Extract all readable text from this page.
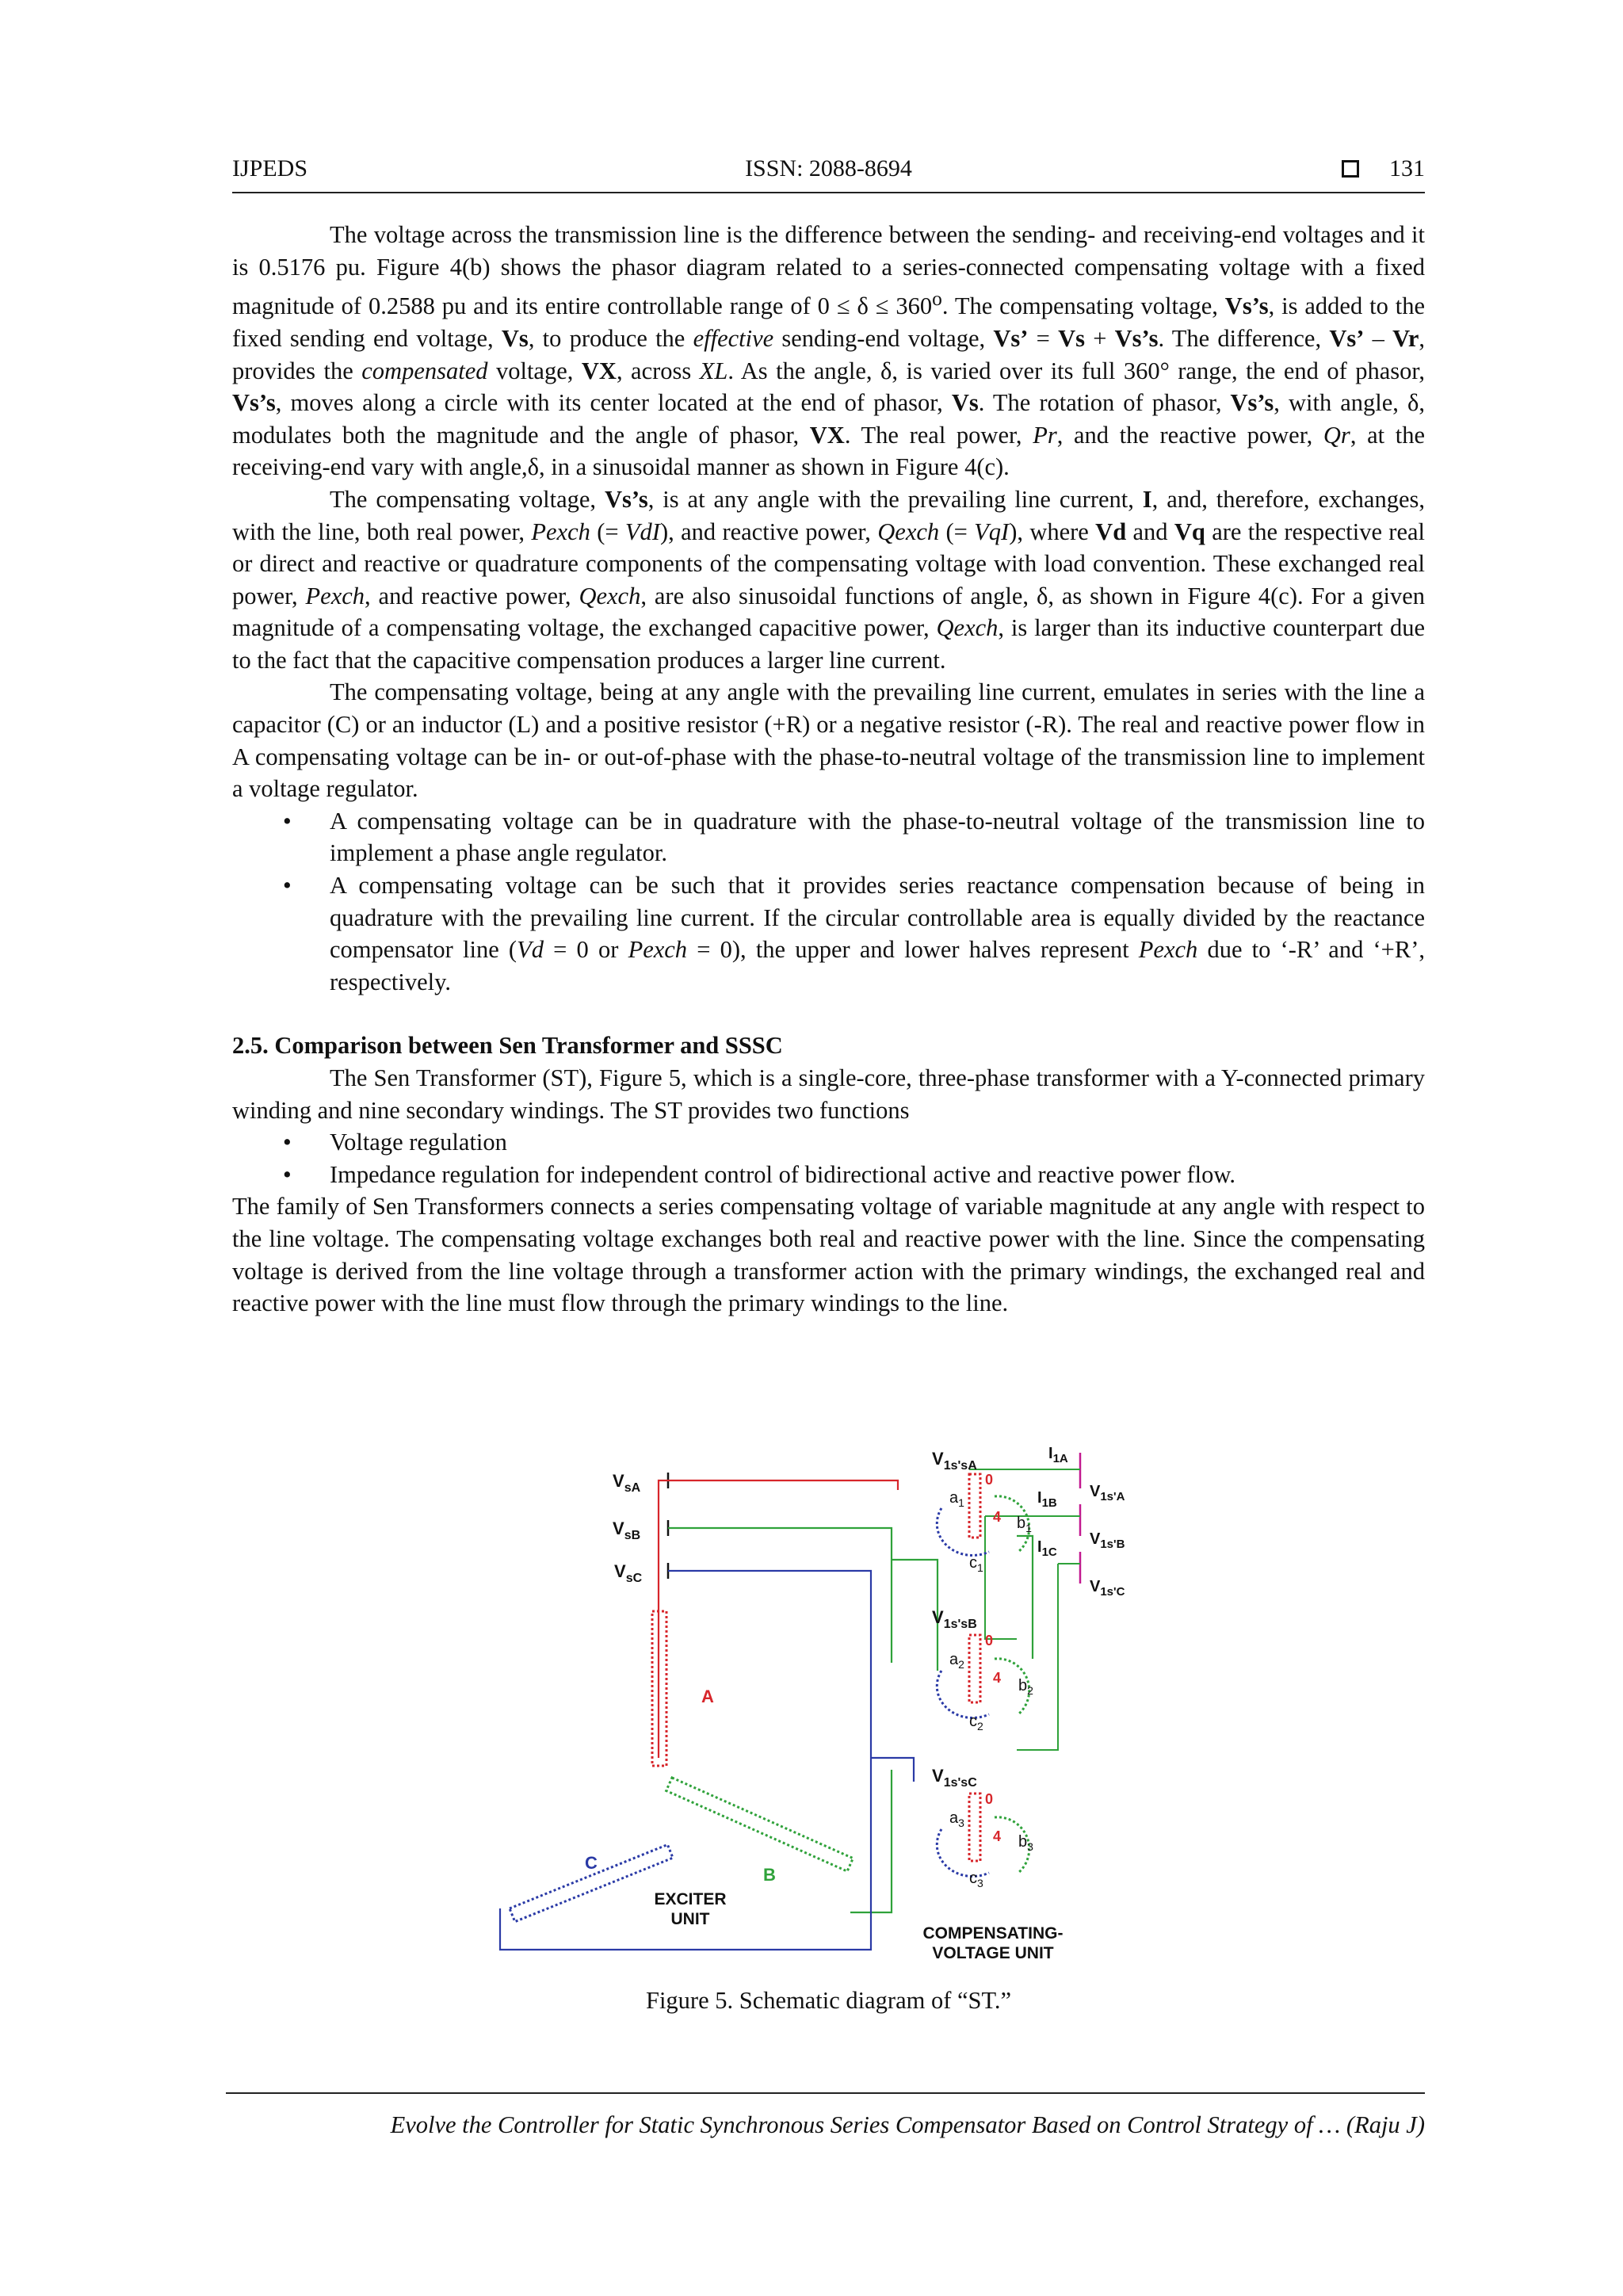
IJPEDS	ISSN: 2088-8694	131

The voltage across the transmission line is the difference between the sending- and receiving-end voltages and it is 0.5176 pu. Figure 4(b) shows the phasor diagram related to a series-connected compensating voltage with a fixed magnitude of 0.2588 pu and its entire controllable range of $0 \le \delta \le 360^o$. The compensating voltage, Vs’s, is added to the fixed sending end voltage, Vs, to produce the effective sending-end voltage, Vs’ = Vs + Vs’s. The difference, Vs’ – Vr, provides the compensated voltage, VX, across XL. As the angle, δ, is varied over its full 360° range, the end of phasor, Vs’s, moves along a circle with its center located at the end of phasor, Vs. The rotation of phasor, Vs’s, with angle, δ, modulates both the magnitude and the angle of phasor, VX. The real power, Pr, and the reactive power, Qr, at the receiving-end vary with angle,δ, in a sinusoidal manner as shown in Figure 4(c).

The compensating voltage, Vs’s, is at any angle with the prevailing line current, I, and, therefore, exchanges, with the line, both real power, Pexch (= VdI), and reactive power, Qexch (= VqI), where Vd and Vq are the respective real or direct and reactive or quadrature components of the compensating voltage with load convention. These exchanged real power, Pexch, and reactive power, Qexch, are also sinusoidal functions of angle, δ, as shown in Figure 4(c). For a given magnitude of a compensating voltage, the exchanged capacitive power, Qexch, is larger than its inductive counterpart due to the fact that the capacitive compensation produces a larger line current.

The compensating voltage, being at any angle with the prevailing line current, emulates in series with the line a capacitor (C) or an inductor (L) and a positive resistor (+R) or a negative resistor (-R). The real and reactive power flow in A compensating voltage can be in- or out-of-phase with the phase-to-neutral voltage of the transmission line to implement a voltage regulator.

• A compensating voltage can be in quadrature with the phase-to-neutral voltage of the transmission line to implement a phase angle regulator.
• A compensating voltage can be such that it provides series reactance compensation because of being in quadrature with the prevailing line current. If the circular controllable area is equally divided by the reactance compensator line (Vd = 0 or Pexch = 0), the upper and lower halves represent Pexch due to ‘-R’ and ‘+R’, respectively.
2.5. Comparison between Sen Transformer and SSSC

The Sen Transformer (ST), Figure 5, which is a single-core, three-phase transformer with a Y-connected primary winding and nine secondary windings. The ST provides two functions

• Voltage regulation
• Impedance regulation for independent control of bidirectional active and reactive power flow.

The family of Sen Transformers connects a series compensating voltage of variable magnitude at any angle with respect to the line voltage. The compensating voltage exchanges both real and reactive power with the line. Since the compensating voltage is derived from the line voltage through a transformer action with the primary windings, the exchanged real and reactive power with the line must flow through the primary windings to the line.

$V_{sA}$
$V_{sB}$
$V_{sC}$
A
B
C
EXCITER
UNIT
$V_{1s'sA}$
$a_1$
$b_1$
$c_1$
0
4
$V_{1s'sB}$
$a_2$
$b_2$
$c_2$
0
4
$V_{1s'sC}$
$a_3$
$b_3$
$c_3$
0
4
$I_{1A}$
$V_{1s'A}$
$I_{1B}$
$V_{1s'B}$
$I_{1C}$
$V_{1s'C}$
COMPENSATING-
VOLTAGE UNIT
Figure 5. Schematic diagram of “ST.”
Evolve the Controller for Static Synchronous Series Compensator Based on Control Strategy of … (Raju J)
